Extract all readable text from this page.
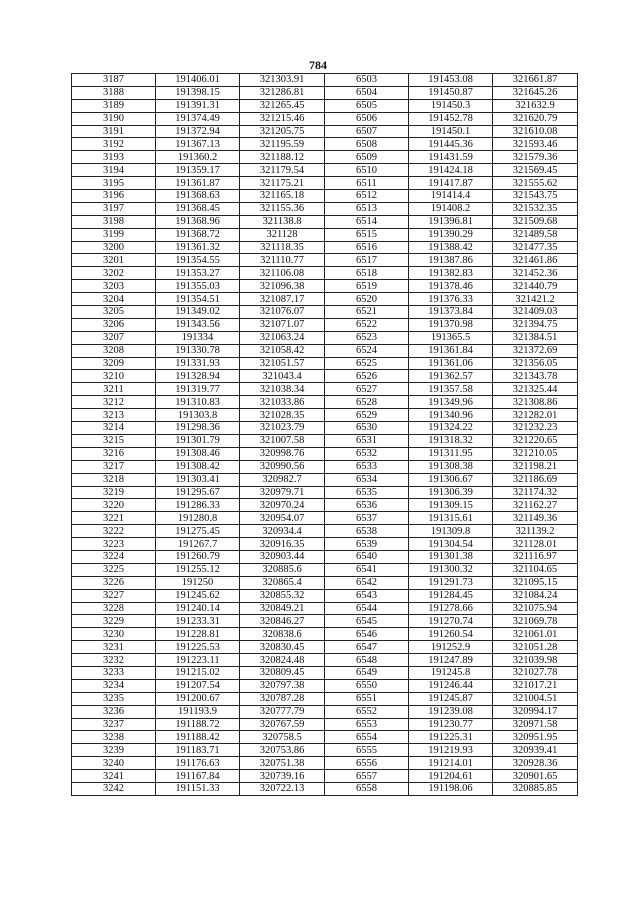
784
3187	191406.01	321303.91	6503	191453.08	321661.87
3188	191398.15	321286.81	6504	191450.87	321645.26
3189	191391.31	321265.45	6505	191450.3	321632.9
3190	191374.49	321215.46	6506	191452.78	321620.79
3191	191372.94	321205.75	6507	191450.1	321610.08
3192	191367.13	321195.59	6508	191445.36	321593.46
3193	191360.2	321188.12	6509	191431.59	321579.36
3194	191359.17	321179.54	6510	191424.18	321569.45
3195	191361.87	321175.21	6511	191417.87	321555.62
3196	191368.63	321165.18	6512	191414.4	321543.75
3197	191368.45	321155.36	6513	191408.2	321532.35
3198	191368.96	321138.8	6514	191396.81	321509.68
3199	191368.72	321128	6515	191390.29	321489.58
3200	191361.32	321118.35	6516	191388.42	321477.35
3201	191354.55	321110.77	6517	191387.86	321461.86
3202	191353.27	321106.08	6518	191382.83	321452.36
3203	191355.03	321096.38	6519	191378.46	321440.79
3204	191354.51	321087.17	6520	191376.33	321421.2
3205	191349.02	321076.07	6521	191373.84	321409.03
3206	191343.56	321071.07	6522	191370.98	321394.75
3207	191334	321063.24	6523	191365.5	321384.51
3208	191330.78	321058.42	6524	191361.84	321372.69
3209	191331.93	321051.57	6525	191361.06	321356.05
3210	191328.94	321043.4	6526	191362.57	321343.78
3211	191319.77	321038.34	6527	191357.58	321325.44
3212	191310.83	321033.86	6528	191349.96	321308.86
3213	191303.8	321028.35	6529	191340.96	321282.01
3214	191298.36	321023.79	6530	191324.22	321232.23
3215	191301.79	321007.58	6531	191318.32	321220.65
3216	191308.46	320998.76	6532	191311.95	321210.05
3217	191308.42	320990.56	6533	191308.38	321198.21
3218	191303.41	320982.7	6534	191306.67	321186.69
3219	191295.67	320979.71	6535	191306.39	321174.32
3220	191286.33	320970.24	6536	191309.15	321162.27
3221	191280.8	320954.07	6537	191315.61	321149.36
3222	191275.45	320934.4	6538	191309.8	321139.2
3223	191267.7	320916.35	6539	191304.54	321128.01
3224	191260.79	320903.44	6540	191301.38	321116.97
3225	191255.12	320885.6	6541	191300.32	321104.65
3226	191250	320865.4	6542	191291.73	321095.15
3227	191245.62	320855.32	6543	191284.45	321084.24
3228	191240.14	320849.21	6544	191278.66	321075.94
3229	191233.31	320846.27	6545	191270.74	321069.78
3230	191228.81	320838.6	6546	191260.54	321061.01
3231	191225.53	320830.45	6547	191252.9	321051.28
3232	191223.11	320824.48	6548	191247.89	321039.98
3233	191215.02	320809.45	6549	191245.8	321027.78
3234	191207.54	320797.38	6550	191246.44	321017.21
3235	191200.67	320787.28	6551	191245.87	321004.51
3236	191193.9	320777.79	6552	191239.08	320994.17
3237	191188.72	320767.59	6553	191230.77	320971.58
3238	191188.42	320758.5	6554	191225.31	320951.95
3239	191183.71	320753.86	6555	191219.93	320939.41
3240	191176.63	320751.38	6556	191214.01	320928.36
3241	191167.84	320739.16	6557	191204.61	320901.65
3242	191151.33	320722.13	6558	191198.06	320885.85
